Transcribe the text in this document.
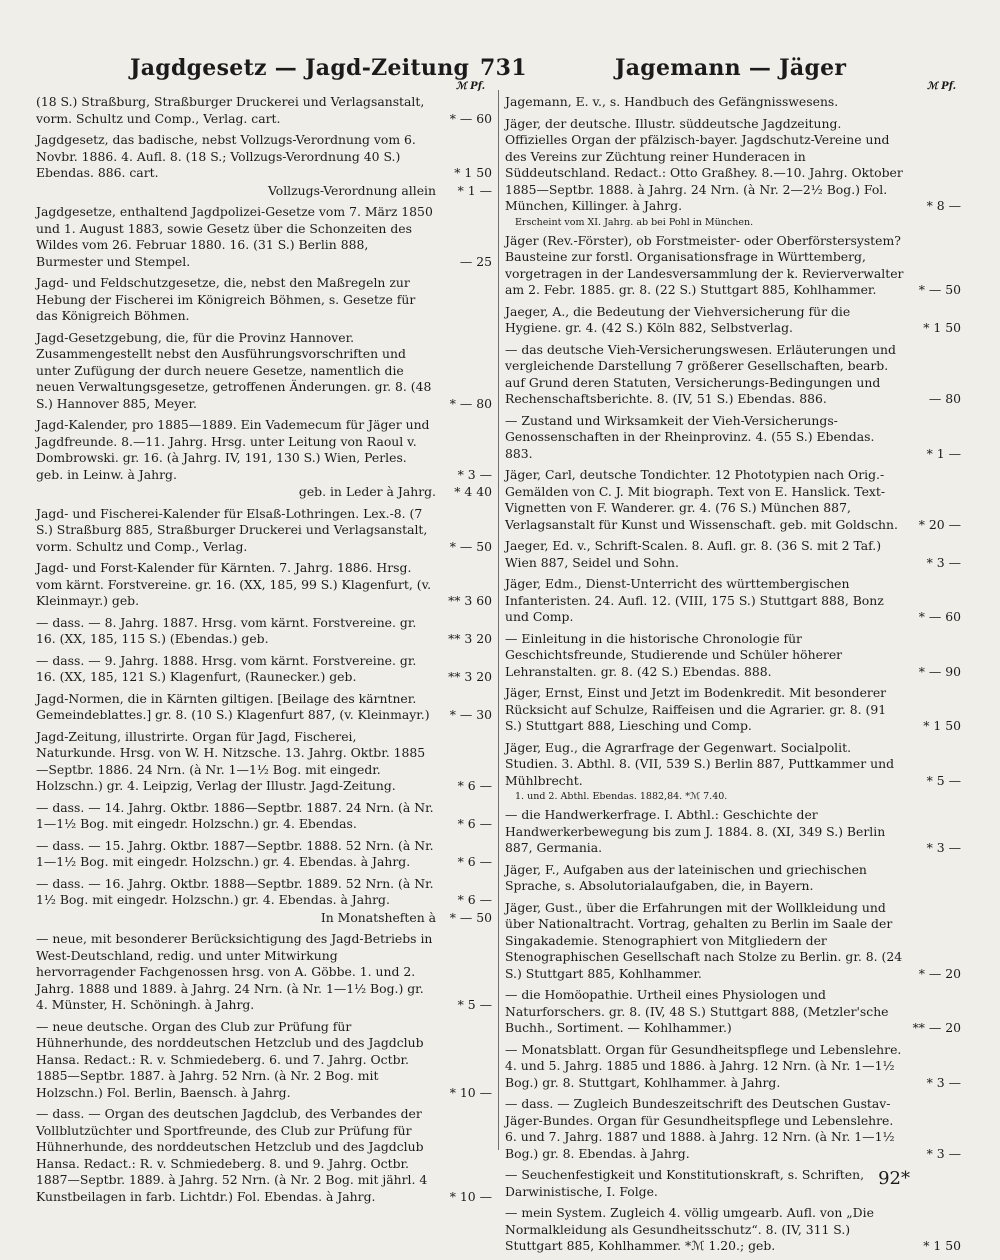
Jagdgesetz — Jagd-Zeitung 731	Jagemann — Jäger
ℳ Pf.	ℳ Pf.
(18 S.) Straßburg, Straßburger Druckerei und Verlagsanstalt, vorm. Schultz und Comp., Verlag. cart.	* — 60
Jagdgesetz, das badische, nebst Vollzugs-Verordnung vom 6. Novbr. 1886. 4. Aufl. 8. (18 S.; Vollzugs-Verordnung 40 S.) Ebendas. 886. cart.	* 1 50
Vollzugs-Verordnung allein * 1 —
Jagdgesetze, enthaltend Jagdpolizei-Gesetze vom 7. März 1850 und 1. August 1883, sowie Gesetz über die Schonzeiten des Wildes vom 26. Februar 1880. 16. (31 S.) Berlin 888, Burmester und Stempel.	— 25
Jagd- und Feldschutzgesetze, die, nebst den Maßregeln zur Hebung der Fischerei im Königreich Böhmen, s. Gesetze für das Königreich Böhmen.
Jagd-Gesetzgebung, die, für die Provinz Hannover. Zusammengestellt nebst den Ausführungsvorschriften und unter Zufügung der durch neuere Gesetze, namentlich die neuen Verwaltungsgesetze, getroffenen Änderungen. gr. 8. (48 S.) Hannover 885, Meyer.	* — 80
Jagd-Kalender, pro 1885—1889. Ein Vademecum für Jäger und Jagdfreunde. 8.—11. Jahrg. Hrsg. unter Leitung von Raoul v. Dombrowski. gr. 16. (à Jahrg. IV, 191, 130 S.) Wien, Perles. geb. in Leinw. à Jahrg.	* 3 —
geb. in Leder à Jahrg. * 4 40
Jagd- und Fischerei-Kalender für Elsaß-Lothringen. Lex.-8. (7 S.) Straßburg 885, Straßburger Druckerei und Verlagsanstalt, vorm. Schultz und Comp., Verlag.	* — 50
Jagd- und Forst-Kalender für Kärnten. 7. Jahrg. 1886. Hrsg. vom kärnt. Forstvereine. gr. 16. (XX, 185, 99 S.) Klagenfurt, (v. Kleinmayr.) geb.	** 3 60
— dass. — 8. Jahrg. 1887. Hrsg. vom kärnt. Forstvereine. gr. 16. (XX, 185, 115 S.) (Ebendas.) geb.	** 3 20
— dass. — 9. Jahrg. 1888. Hrsg. vom kärnt. Forstvereine. gr. 16. (XX, 185, 121 S.) Klagenfurt, (Raunecker.) geb.	** 3 20
Jagd-Normen, die in Kärnten giltigen. [Beilage des kärntner. Gemeindeblattes.] gr. 8. (10 S.) Klagenfurt 887, (v. Kleinmayr.)	* — 30
Jagd-Zeitung, illustrirte. Organ für Jagd, Fischerei, Naturkunde. Hrsg. von W. H. Nitzsche. 13. Jahrg. Oktbr. 1885—Septbr. 1886. 24 Nrn. (à Nr. 1—1½ Bog. mit eingedr. Holzschn.) gr. 4. Leipzig, Verlag der Illustr. Jagd-Zeitung.	* 6 —
— dass. — 14. Jahrg. Oktbr. 1886—Septbr. 1887. 24 Nrn. (à Nr. 1—1½ Bog. mit eingedr. Holzschn.) gr. 4. Ebendas.	* 6 —
— dass. — 15. Jahrg. Oktbr. 1887—Septbr. 1888. 52 Nrn. (à Nr. 1—1½ Bog. mit eingedr. Holzschn.) gr. 4. Ebendas. à Jahrg.	* 6 —
— dass. — 16. Jahrg. Oktbr. 1888—Septbr. 1889. 52 Nrn. (à Nr. 1½ Bog. mit eingedr. Holzschn.) gr. 4. Ebendas. à Jahrg.	* 6 —
In Monatsheften à * — 50
— neue, mit besonderer Berücksichtigung des Jagd-Betriebs in West-Deutschland, redig. und unter Mitwirkung hervorragender Fachgenossen hrsg. von A. Göbbe. 1. und 2. Jahrg. 1888 und 1889. à Jahrg. 24 Nrn. (à Nr. 1—1½ Bog.) gr. 4. Münster, H. Schöningh. à Jahrg.	* 5 —
— neue deutsche. Organ des Club zur Prüfung für Hühnerhunde, des norddeutschen Hetzclub und des Jagdclub Hansa. Redact.: R. v. Schmiedeberg. 6. und 7. Jahrg. Octbr. 1885—Septbr. 1887. à Jahrg. 52 Nrn. (à Nr. 2 Bog. mit Holzschn.) Fol. Berlin, Baensch. à Jahrg.	* 10 —
— dass. — Organ des deutschen Jagdclub, des Verbandes der Vollblutzüchter und Sportfreunde, des Club zur Prüfung für Hühnerhunde, des norddeutschen Hetzclub und des Jagdclub Hansa. Redact.: R. v. Schmiedeberg. 8. und 9. Jahrg. Octbr. 1887—Septbr. 1889. à Jahrg. 52 Nrn. (à Nr. 2 Bog. mit jährl. 4 Kunstbeilagen in farb. Lichtdr.) Fol. Ebendas. à Jahrg.	* 10 —
Jagemann, E. v., s. Handbuch des Gefängnisswesens.
Jäger, der deutsche. Illustr. süddeutsche Jagdzeitung. Offizielles Organ der pfälzisch-bayer. Jagdschutz-Vereine und des Vereins zur Züchtung reiner Hunderacen in Süddeutschland. Redact.: Otto Graßhey. 8.—10. Jahrg. Oktober 1885—Septbr. 1888. à Jahrg. 24 Nrn. (à Nr. 2—2½ Bog.) Fol. München, Killinger. à Jahrg.	* 8 —
Erscheint vom XI. Jahrg. ab bei Pohl in München.
Jäger (Rev.-Förster), ob Forstmeister- oder Oberförstersystem? Bausteine zur forstl. Organisationsfrage in Württemberg, vorgetragen in der Landesversammlung der k. Revierverwalter am 2. Febr. 1885. gr. 8. (22 S.) Stuttgart 885, Kohlhammer.	* — 50
Jaeger, A., die Bedeutung der Viehversicherung für die Hygiene. gr. 4. (42 S.) Köln 882, Selbstverlag.	* 1 50
— das deutsche Vieh-Versicherungswesen. Erläuterungen und vergleichende Darstellung 7 größerer Gesellschaften, bearb. auf Grund deren Statuten, Versicherungs-Bedingungen und Rechenschaftsberichte. 8. (IV, 51 S.) Ebendas. 886.	— 80
— Zustand und Wirksamkeit der Vieh-Versicherungs-Genossenschaften in der Rheinprovinz. 4. (55 S.) Ebendas. 883.	* 1 —
Jäger, Carl, deutsche Tondichter. 12 Phototypien nach Orig.-Gemälden von C. J. Mit biograph. Text von E. Hanslick. Text-Vignetten von F. Wanderer. gr. 4. (76 S.) München 887, Verlagsanstalt für Kunst und Wissenschaft. geb. mit Goldschn.	* 20 —
Jaeger, Ed. v., Schrift-Scalen. 8. Aufl. gr. 8. (36 S. mit 2 Taf.) Wien 887, Seidel und Sohn.	* 3 —
Jäger, Edm., Dienst-Unterricht des württembergischen Infanteristen. 24. Aufl. 12. (VIII, 175 S.) Stuttgart 888, Bonz und Comp.	* — 60
— Einleitung in die historische Chronologie für Geschichtsfreunde, Studierende und Schüler höherer Lehranstalten. gr. 8. (42 S.) Ebendas. 888.	* — 90
Jäger, Ernst, Einst und Jetzt im Bodenkredit. Mit besonderer Rücksicht auf Schulze, Raiffeisen und die Agrarier. gr. 8. (91 S.) Stuttgart 888, Liesching und Comp.	* 1 50
Jäger, Eug., die Agrarfrage der Gegenwart. Socialpolit. Studien. 3. Abthl. 8. (VII, 539 S.) Berlin 887, Puttkammer und Mühlbrecht.	* 5 —
1. und 2. Abthl. Ebendas. 1882,84. *ℳ 7.40.
— die Handwerkerfrage. I. Abthl.: Geschichte der Handwerkerbewegung bis zum J. 1884. 8. (XI, 349 S.) Berlin 887, Germania.	* 3 —
Jäger, F., Aufgaben aus der lateinischen und griechischen Sprache, s. Absolutorialaufgaben, die, in Bayern.
Jäger, Gust., über die Erfahrungen mit der Wollkleidung und über Nationaltracht. Vortrag, gehalten zu Berlin im Saale der Singakademie. Stenographiert von Mitgliedern der Stenographischen Gesellschaft nach Stolze zu Berlin. gr. 8. (24 S.) Stuttgart 885, Kohlhammer.	* — 20
— die Homöopathie. Urtheil eines Physiologen und Naturforschers. gr. 8. (IV, 48 S.) Stuttgart 888, (Metzler'sche Buchh., Sortiment. — Kohlhammer.)	** — 20
— Monatsblatt. Organ für Gesundheitspflege und Lebenslehre. 4. und 5. Jahrg. 1885 und 1886. à Jahrg. 12 Nrn. (à Nr. 1—1½ Bog.) gr. 8. Stuttgart, Kohlhammer. à Jahrg.	* 3 —
— dass. — Zugleich Bundeszeitschrift des Deutschen Gustav-Jäger-Bundes. Organ für Gesundheitspflege und Lebenslehre. 6. und 7. Jahrg. 1887 und 1888. à Jahrg. 12 Nrn. (à Nr. 1—1½ Bog.) gr. 8. Ebendas. à Jahrg.	* 3 —
— Seuchenfestigkeit und Konstitutionskraft, s. Schriften, Darwinistische, I. Folge.
— mein System. Zugleich 4. völlig umgearb. Aufl. von „Die Normalkleidung als Gesundheitsschutz“. 8. (IV, 311 S.) Stuttgart 885, Kohlhammer. *ℳ 1.20.; geb.	* 1 50
92*
